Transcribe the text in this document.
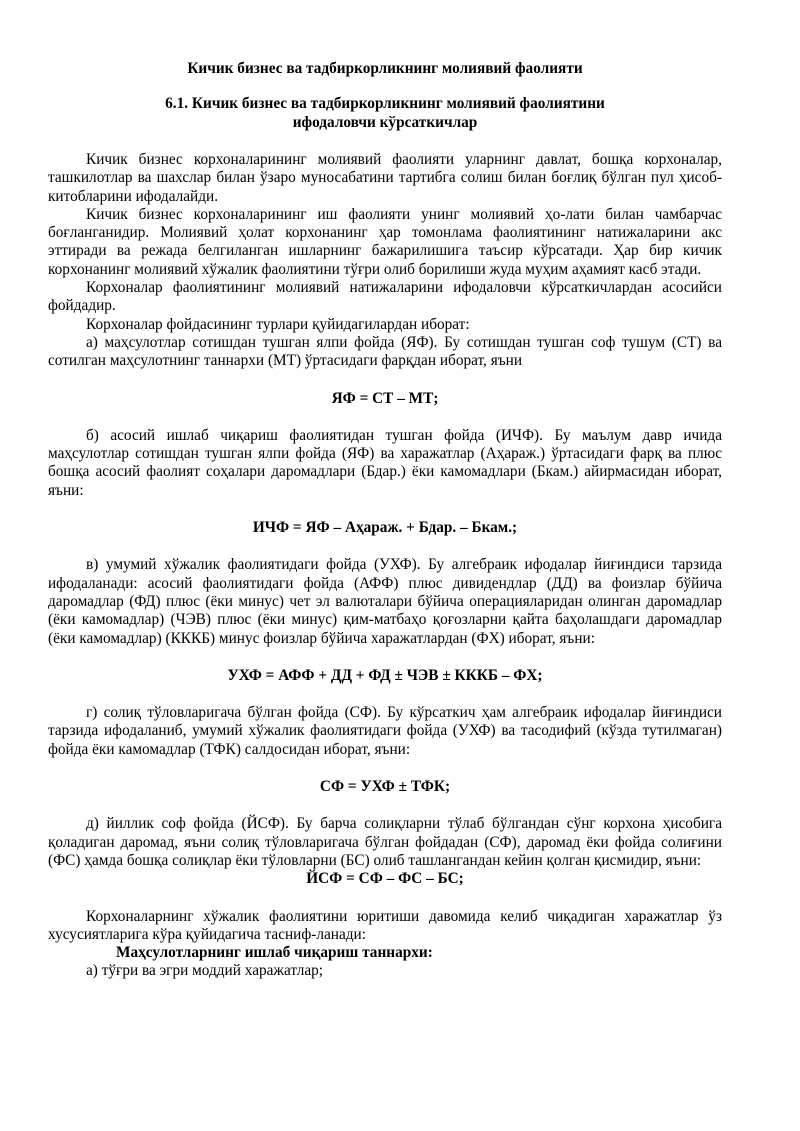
Кичик бизнес ва тадбиркорликнинг молиявий фаолияти

6.1. Кичик бизнес ва тадбиркорликнинг молиявий фаолиятини

ифодаловчи кўрсаткичлар

Кичик бизнес корхоналарининг молиявий фаолияти уларнинг давлат, бошқа корхоналар, ташкилотлар ва шахслар билан ўзаро муносабатини тартибга солиш билан боғлиқ бўлган пул ҳисоб-китобларини ифодалайди.

Кичик бизнес корхоналарининг иш фаолияти унинг молиявий ҳо-лати билан чамбарчас боғланганидир. Молиявий ҳолат корхонанинг ҳар томонлама фаолиятининг натижаларини акс эттиради ва режада белгиланган ишларнинг бажарилишига таъсир кўрсатади. Ҳар бир кичик корхонанинг молиявий хўжалик фаолиятини тўғри олиб борилиши жуда муҳим аҳамият касб этади.

Корхоналар фаолиятининг молиявий натижаларини ифодаловчи кўрсаткичлардан асосийси фойдадир.

Корхоналар фойдасининг турлари қуйидагилардан иборат:

а) маҳсулотлар сотишдан тушган ялпи фойда (ЯФ). Бу сотишдан тушган соф тушум (СТ) ва сотилган маҳсулотнинг таннархи (МТ) ўртасидаги фарқдан иборат, яъни

ЯФ = СТ – МТ;

б) асосий ишлаб чиқариш фаолиятидан тушган фойда (ИЧФ). Бу маълум давр ичида маҳсулотлар сотишдан тушган ялпи фойда (ЯФ) ва харажатлар (Аҳараж.) ўртасидаги фарқ ва плюс бошқа асосий фаолият соҳалари даромадлари (Бдар.) ёки камомадлари (Бкам.) айирмасидан иборат, яъни:

ИЧФ = ЯФ – Аҳараж. + Бдар. – Бкам.;

в) умумий хўжалик фаолиятидаги фойда (УХФ). Бу алгебраик ифодалар йиғиндиси тарзида ифодаланади: асосий фаолиятидаги фойда (АФФ) плюс дивидендлар (ДД) ва фоизлар бўйича даромадлар (ФД) плюс (ёки минус) чет эл валюталари бўйича операцияларидан олинган даромадлар (ёки камомадлар) (ЧЭВ) плюс (ёки минус) қим-матбаҳо қоғозларни қайта баҳолашдаги даромадлар (ёки камомадлар) (КККБ) минус фоизлар бўйича харажатлардан (ФХ) иборат, яъни:

УХФ = АФФ + ДД + ФД ± ЧЭВ ± КККБ – ФХ;

г) солиқ тўловларигача бўлган фойда (СФ). Бу кўрсаткич ҳам алгебраик ифодалар йиғиндиси тарзида ифодаланиб, умумий хўжалик фаолиятидаги фойда (УХФ) ва тасодифий (кўзда тутилмаган) фойда ёки камомадлар (ТФК) салдосидан иборат, яъни:

СФ = УХФ ± ТФК;

д) йиллик соф фойда (ЙСФ). Бу барча солиқларни тўлаб бўлгандан сўнг корхона ҳисобига қоладиган даромад, яъни солиқ тўловларигача бўлган фойдадан (СФ), даромад ёки фойда солиғини (ФС) ҳамда бошқа солиқлар ёки тўловларни (БС) олиб ташлангандан кейин қолган қисмидир, яъни:

ЙСФ = СФ – ФС – БС;

Корхоналарнинг хўжалик фаолиятини юритиши давомида келиб чиқадиган харажатлар ўз хусусиятларига кўра қуйидагича тасниф-ланади:

Маҳсулотларнинг ишлаб чиқариш таннархи:

а) тўғри ва эгри моддий харажатлар;
